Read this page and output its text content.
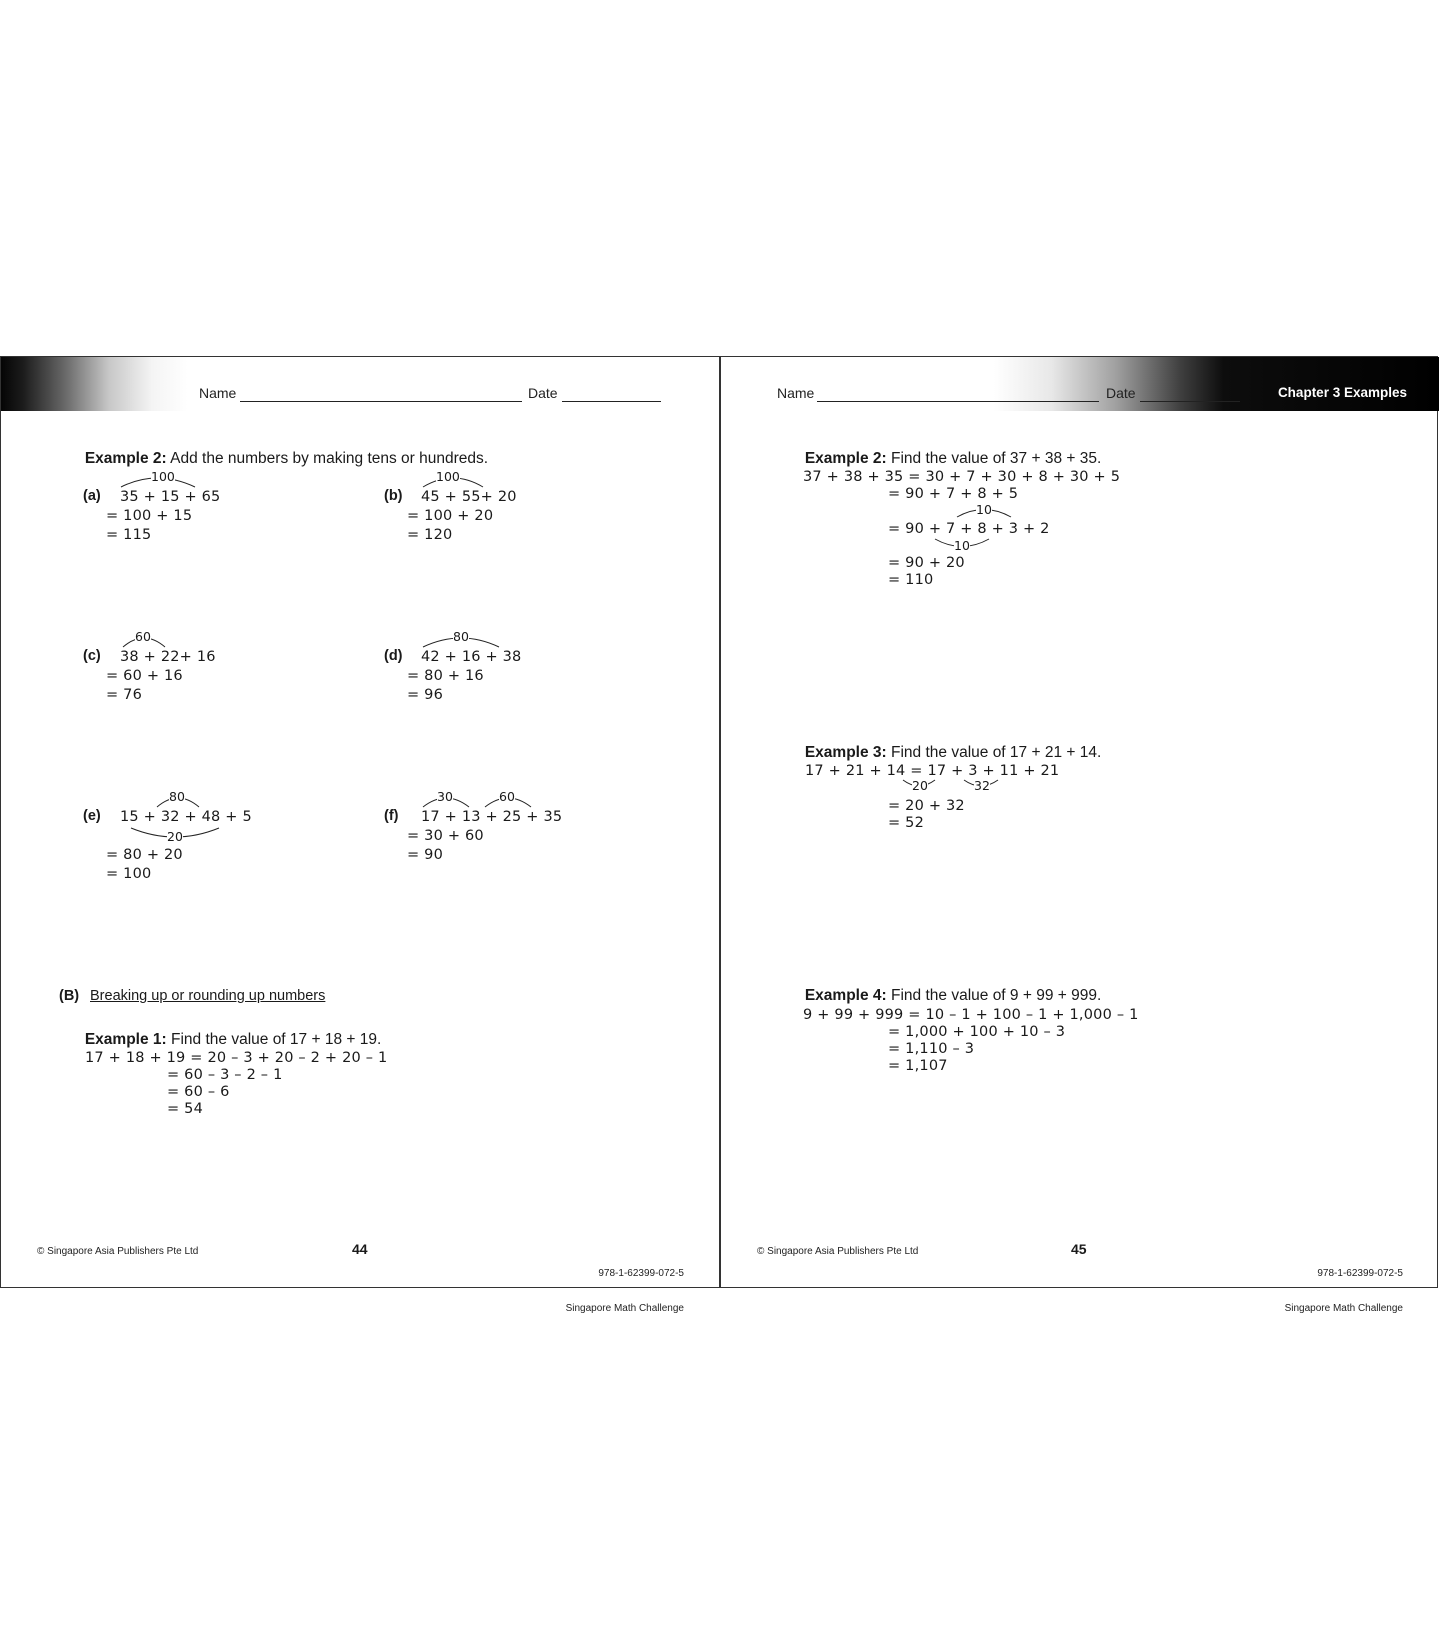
Name	Date

Example 2: Add the numbers by making tens or hundreds.

(a)
100
35 + 15 + 65
= 100 + 15
= 115
(b)
100
45 + 55+ 20
= 100 + 20
= 120
(c)
60
38 + 22+ 16
= 60 + 16
= 76
(d)
80
42 + 16 + 38
= 80 + 16
= 96
(e)
80
15 + 32 + 48 + 5
20
= 80 + 20
= 100
(f)
30	60
17 + 13 + 25 + 35
= 30 + 60
= 90
(B) Breaking up or rounding up numbers

Example 1: Find the value of 17 + 18 + 19.

17 + 18 + 19 = 20 – 3 + 20 – 2 + 20 – 1
= 60 – 3 – 2 – 1
= 60 – 6
= 54
© Singapore Asia Publishers Pte Ltd	44

978-1-62399-072-5

Singapore Math Challenge

Name	Date	Chapter 3 Examples

Example 2: Find the value of 37 + 38 + 35.

37 + 38 + 35 = 30 + 7 + 30 + 8 + 30 + 5
= 90 + 7 + 8 + 5
10
= 90 + 7 + 8 + 3 + 2
10
= 90 + 20
= 110

Example 3: Find the value of 17 + 21 + 14.

17 + 21 + 14 = 17 + 3 + 11 + 21
20	32
= 20 + 32
= 52

Example 4: Find the value of 9 + 99 + 999.

9 + 99 + 999 = 10 – 1 + 100 – 1 + 1,000 – 1
= 1,000 + 100 + 10 – 3
= 1,110 – 3
= 1,107
© Singapore Asia Publishers Pte Ltd	45

978-1-62399-072-5

Singapore Math Challenge
